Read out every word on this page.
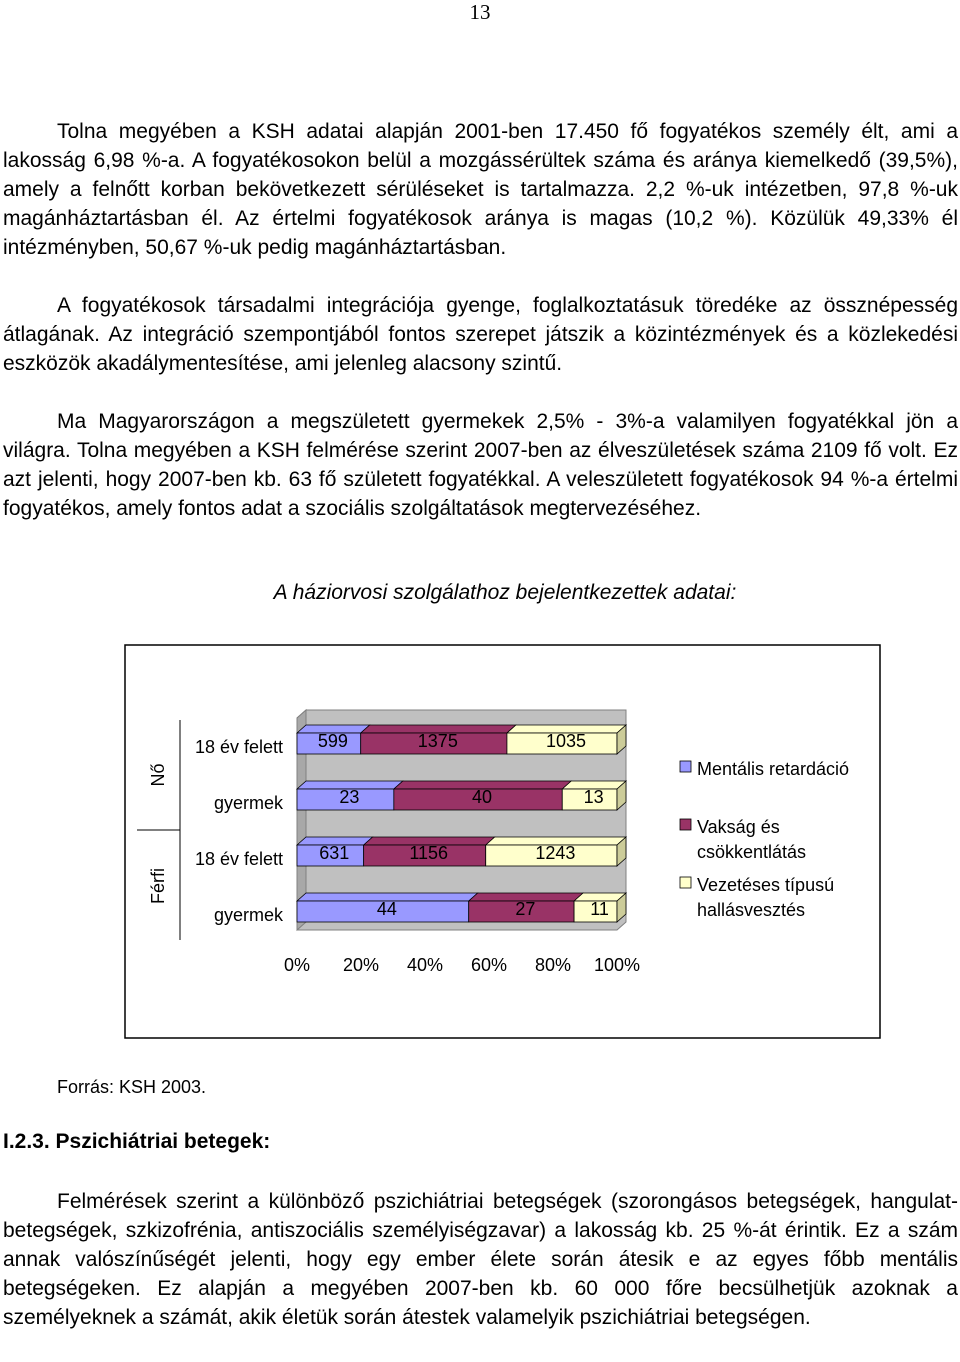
13

Tolna megyében a KSH adatai alapján 2001-ben 17.450 fő fogyatékos személy élt, ami a lakosság 6,98 %-a. A fogyatékosokon belül a mozgássérültek száma és aránya kiemelkedő (39,5%), amely a felnőtt korban bekövetkezett sérüléseket is tartalmazza. 2,2 %-uk intézetben, 97,8 %-uk magánháztartásban él. Az értelmi fogyatékosok aránya is magas (10,2 %). Közülük 49,33% él intézményben, 50,67 %-uk pedig magánháztartásban.

A fogyatékosok társadalmi integrációja gyenge, foglalkoztatásuk töredéke az össznépesség átlagának. Az integráció szempontjából fontos szerepet játszik a közintézmények és a közlekedési eszközök akadálymentesítése, ami jelenleg alacsony szintű.

Ma Magyarországon a megszületett gyermekek 2,5% - 3%-a valamilyen fogyatékkal jön a világra. Tolna megyében a KSH felmérése szerint 2007-ben az élveszületések száma 2109 fő volt. Ez azt jelenti, hogy 2007-ben kb. 63 fő született fogyatékkal. A veleszületett fogyatékosok 94 %-a értelmi fogyatékos, amely fontos adat a szociális szolgáltatások megtervezéséhez.

A háziorvosi szolgálathoz bejelentkezettek adatai:
599	1375	1035
18 év felett
23	40	13
gyermek
631	1156	1243
18 év felett
44	27	11
gyermek
Nő
Férfi
0% 20% 40% 60% 80% 100%
Mentális retardáció
Vakság és
csökkentlátás
Vezetéses típusú
hallásvesztés
Forrás: KSH 2003.
I.2.3. Pszichiátriai betegek:

Felmérések szerint a különböző pszichiátriai betegségek (szorongásos betegségek, hangulat-betegségek, szkizofrénia, antiszociális személyiségzavar) a lakosság kb. 25 %-át érintik. Ez a szám annak valószínűségét jelenti, hogy egy ember élete során átesik e az egyes főbb mentális betegségeken. Ez alapján a megyében 2007-ben kb. 60 000 főre becsülhetjük azoknak a személyeknek a számát, akik életük során átestek valamelyik pszichiátriai betegségen.
